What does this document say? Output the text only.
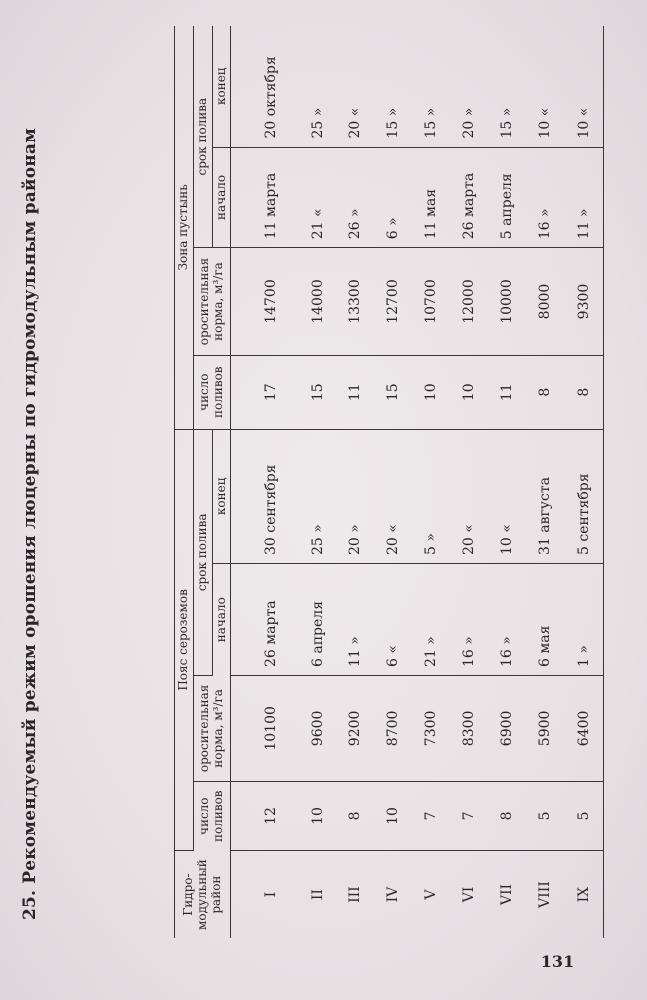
25. Рекомендуемый режим орошения люцерны по гидромодульным районам	Гидро-модульный район	Пояс сероземов				Зона пустынь			
	число поливов	оросительная норма, м³/га	срок полива		число поливов	оросительная норма, м³/га	срок полива	
			начало	конец			начало	конец
I	12	10100	26 марта	30 сентября	17	14700	11 марта	20 октября
II	10	9600	6 апреля	25 »	15	14000	21 «	25 »
III	8	9200	11 »	20 »	11	13300	26 »	20 «
IV	10	8700	6 «	20 «	15	12700	6 »	15 »
V	7	7300	21 »	5 »	10	10700	11 мая	15 »
VI	7	8300	16 »	20 «	10	12000	26 марта	20 »
VII	8	6900	16 »	10 «	11	10000	5 апреля	15 »
VIII	5	5900	6 мая	31 августа	8	8000	16 »	10 «
IX	5	6400	1 »	5 сентября	8	9300	11 »	10 «
131
